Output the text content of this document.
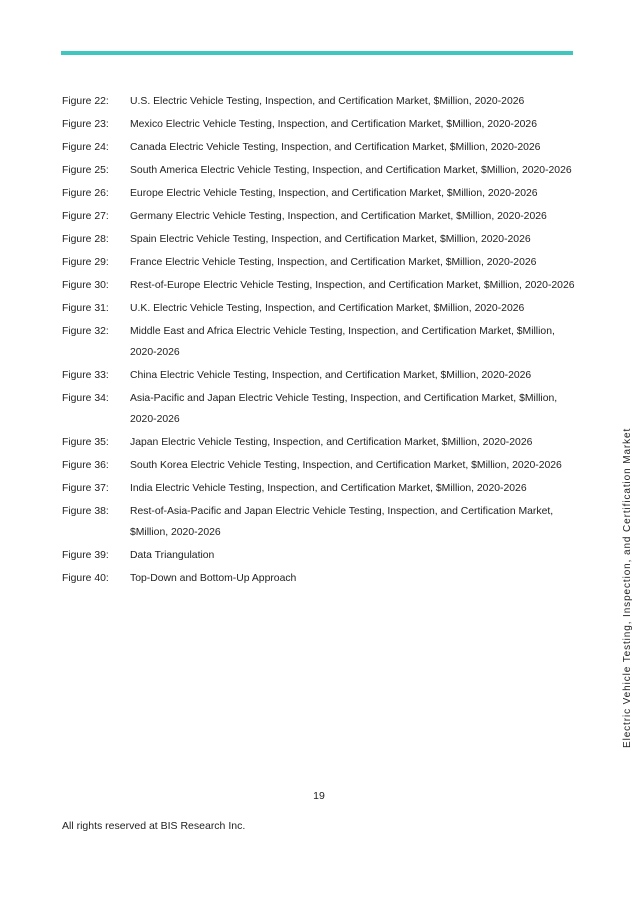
Figure 22:	U.S. Electric Vehicle Testing, Inspection, and Certification Market, $Million, 2020-2026
Figure 23:	Mexico Electric Vehicle Testing, Inspection, and Certification Market, $Million, 2020-2026
Figure 24:	Canada Electric Vehicle Testing, Inspection, and Certification Market, $Million, 2020-2026
Figure 25:	South America Electric Vehicle Testing, Inspection, and Certification Market, $Million, 2020-2026
Figure 26:	Europe Electric Vehicle Testing, Inspection, and Certification Market, $Million, 2020-2026
Figure 27:	Germany Electric Vehicle Testing, Inspection, and Certification Market, $Million, 2020-2026
Figure 28:	Spain Electric Vehicle Testing, Inspection, and Certification Market, $Million, 2020-2026
Figure 29:	France Electric Vehicle Testing, Inspection, and Certification Market, $Million, 2020-2026
Figure 30:	Rest-of-Europe Electric Vehicle Testing, Inspection, and Certification Market, $Million, 2020-2026
Figure 31:	U.K. Electric Vehicle Testing, Inspection, and Certification Market, $Million, 2020-2026
Figure 32:	Middle East and Africa Electric Vehicle Testing, Inspection, and Certification Market, $Million, 2020-2026
Figure 33:	China Electric Vehicle Testing, Inspection, and Certification Market, $Million, 2020-2026
Figure 34:	Asia-Pacific and Japan Electric Vehicle Testing, Inspection, and Certification Market, $Million, 2020-2026
Figure 35:	Japan Electric Vehicle Testing, Inspection, and Certification Market, $Million, 2020-2026
Figure 36:	South Korea Electric Vehicle Testing, Inspection, and Certification Market, $Million, 2020-2026
Figure 37:	India Electric Vehicle Testing, Inspection, and Certification Market, $Million, 2020-2026
Figure 38:	Rest-of-Asia-Pacific and Japan Electric Vehicle Testing, Inspection, and Certification Market, $Million, 2020-2026
Figure 39:	Data Triangulation
Figure 40:	Top-Down and Bottom-Up Approach	Electric Vehicle Testing, Inspection, and Certification Market
19
All rights reserved at BIS Research Inc.
